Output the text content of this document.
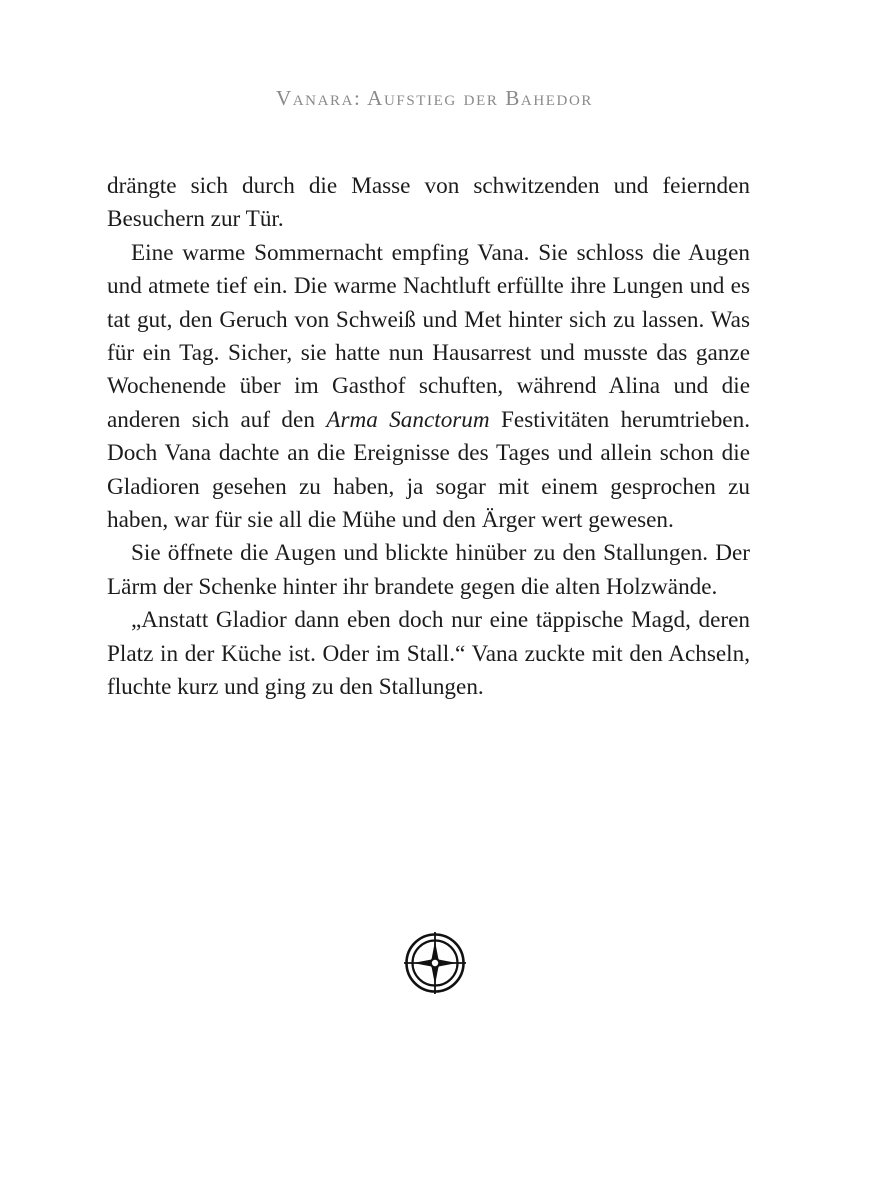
Vanara: Aufstieg der Bahedor

drängte sich durch die Masse von schwitzenden und feiernden Besuchern zur Tür.

Eine warme Sommernacht empfing Vana. Sie schloss die Augen und atmete tief ein. Die warme Nachtluft erfüllte ihre Lungen und es tat gut, den Geruch von Schweiß und Met hinter sich zu lassen. Was für ein Tag. Sicher, sie hatte nun Hausarrest und musste das ganze Wochenende über im Gasthof schuften, während Alina und die anderen sich auf den Arma Sanctorum Festivitäten herumtrieben. Doch Vana dachte an die Ereignisse des Tages und allein schon die Gladioren gesehen zu haben, ja sogar mit einem gesprochen zu haben, war für sie all die Mühe und den Ärger wert gewesen.

Sie öffnete die Augen und blickte hinüber zu den Stallungen. Der Lärm der Schenke hinter ihr brandete gegen die alten Holzwände.

„Anstatt Gladior dann eben doch nur eine täppische Magd, deren Platz in der Küche ist. Oder im Stall.“ Vana zuckte mit den Achseln, fluchte kurz und ging zu den Stallungen.
